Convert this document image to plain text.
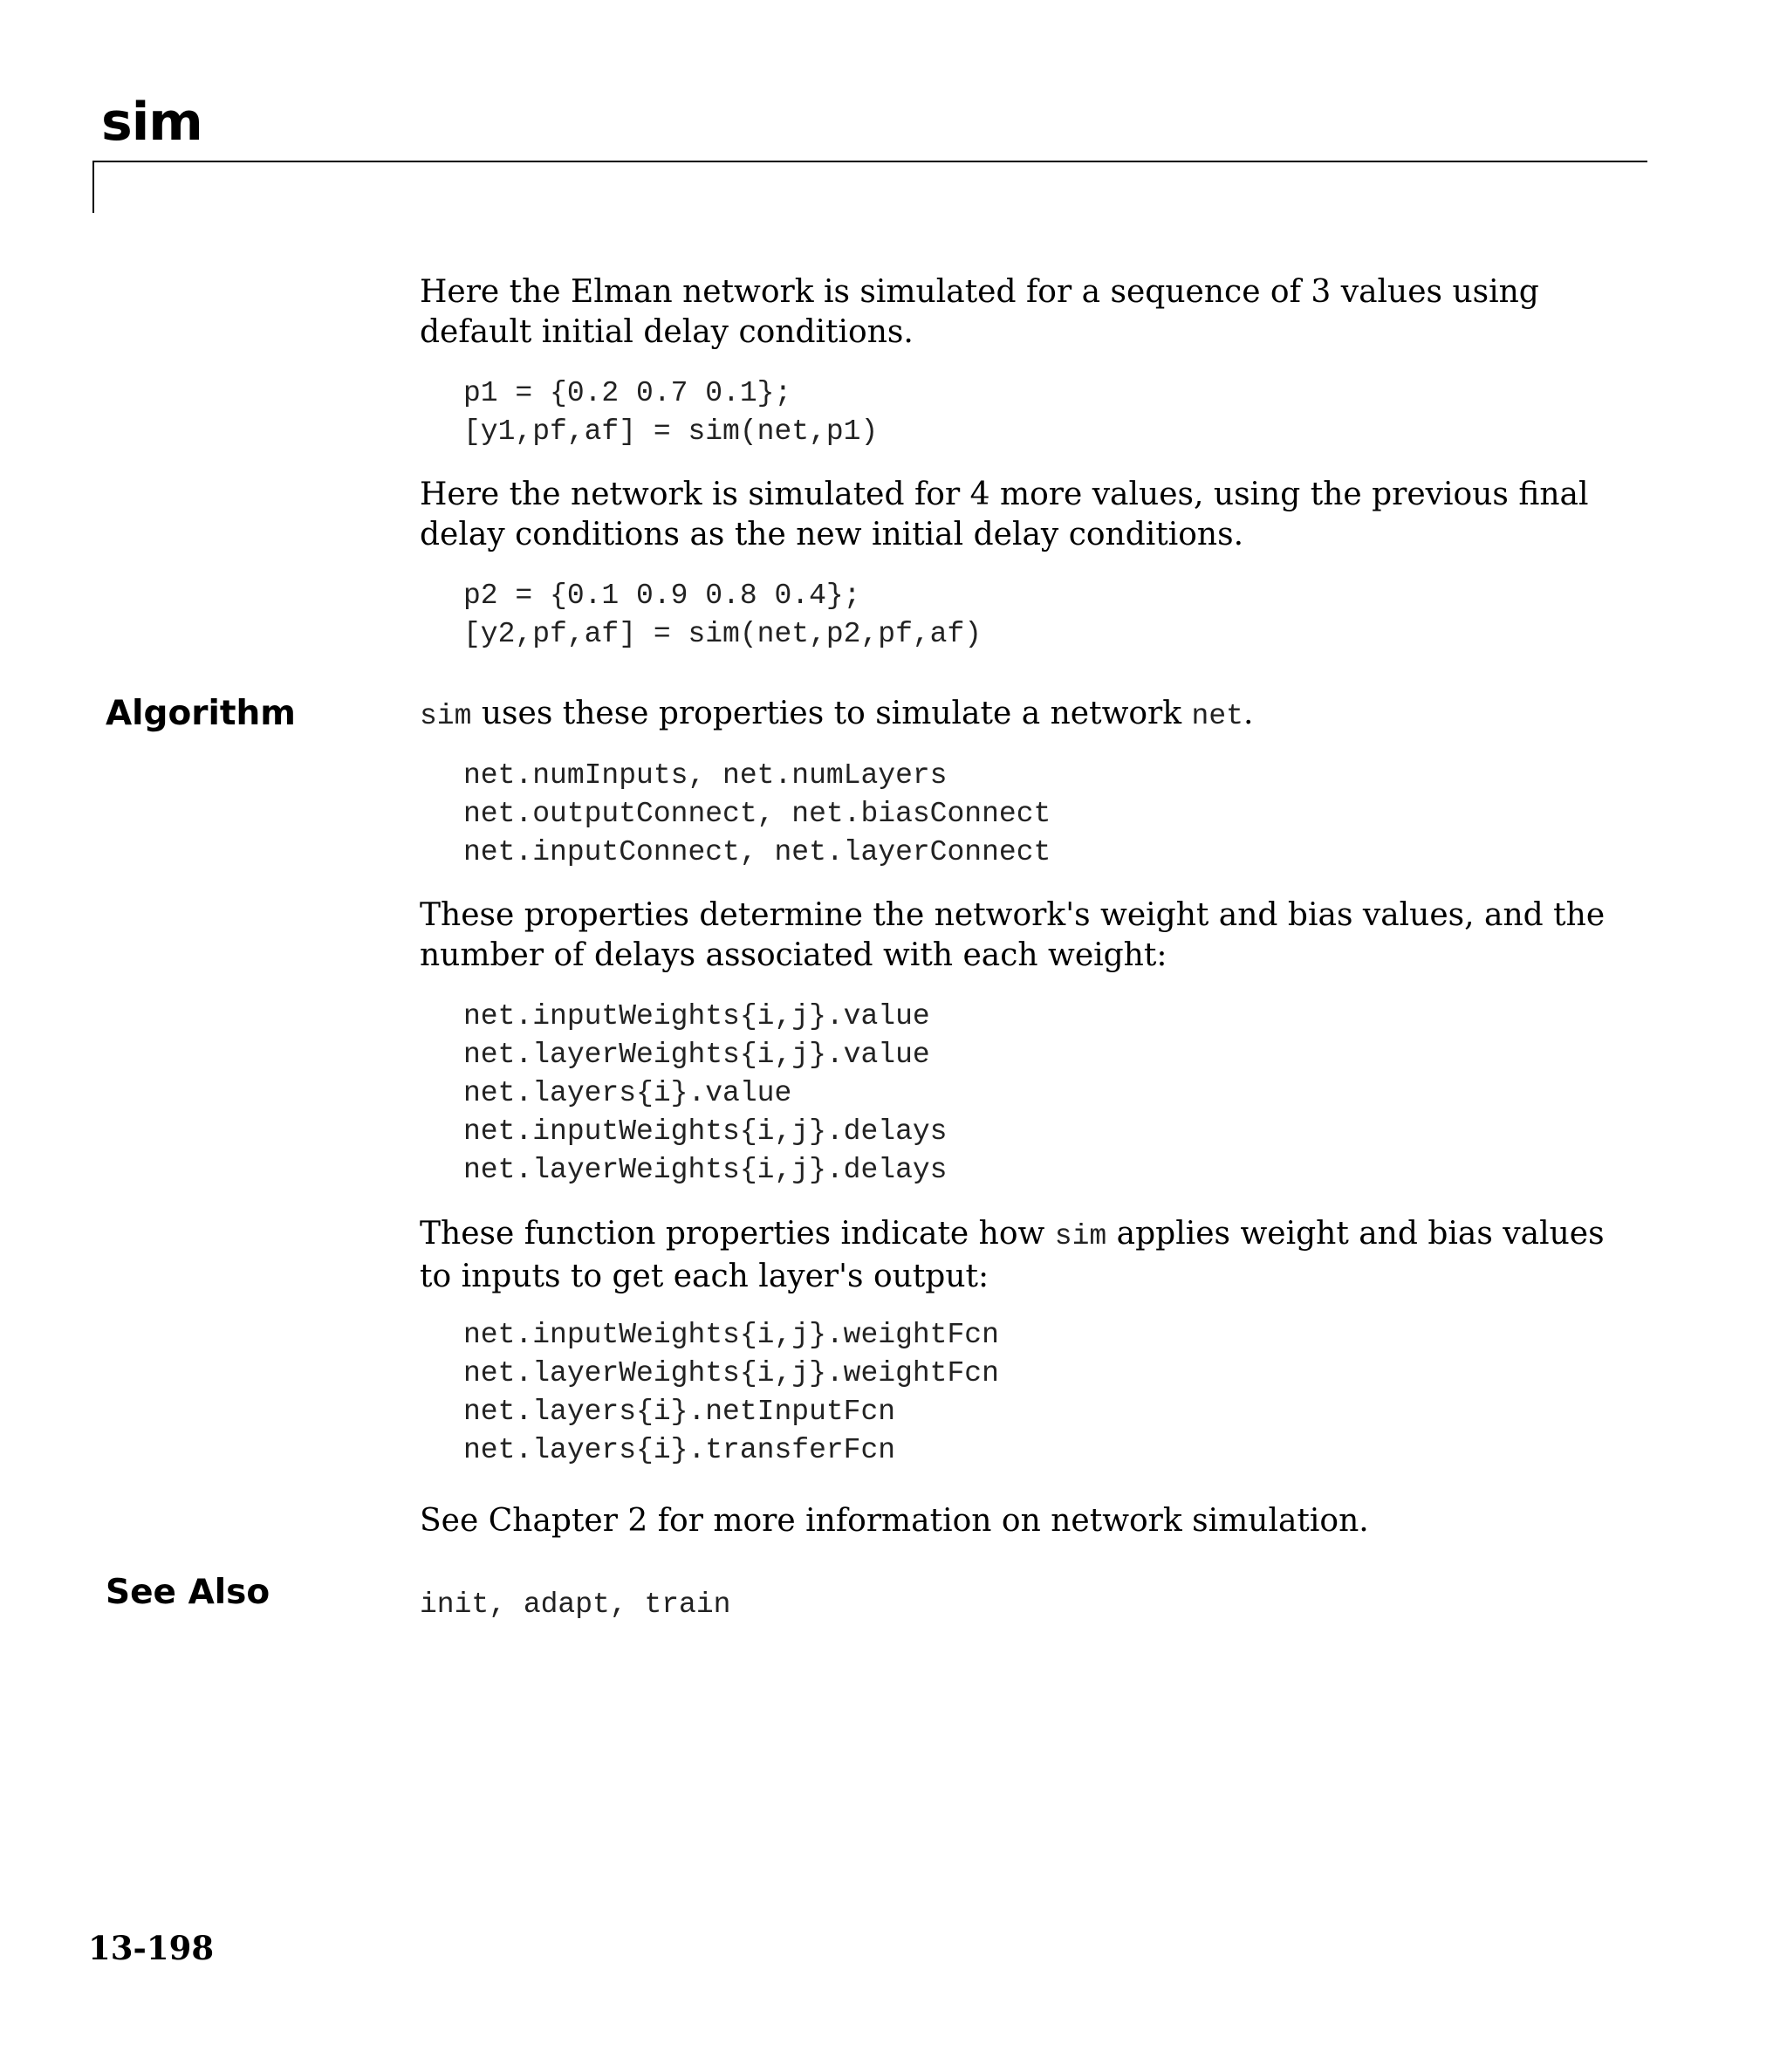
sim

Here the Elman network is simulated for a sequence of 3 values using default initial delay conditions.

p1 = {0.2 0.7 0.1};
[y1,pf,af] = sim(net,p1)

Here the network is simulated for 4 more values, using the previous final delay conditions as the new initial delay conditions.

p2 = {0.1 0.9 0.8 0.4};
[y2,pf,af] = sim(net,p2,pf,af)
Algorithm	sim uses these properties to simulate a network net.

net.numInputs, net.numLayers
net.outputConnect, net.biasConnect
net.inputConnect, net.layerConnect

These properties determine the network's weight and bias values, and the number of delays associated with each weight:

net.inputWeights{i,j}.value
net.layerWeights{i,j}.value
net.layers{i}.value
net.inputWeights{i,j}.delays
net.layerWeights{i,j}.delays

These function properties indicate how sim applies weight and bias values to inputs to get each layer's output:

net.inputWeights{i,j}.weightFcn
net.layerWeights{i,j}.weightFcn
net.layers{i}.netInputFcn
net.layers{i}.transferFcn

See Chapter 2 for more information on network simulation.

See Also	init, adapt, train

13-198
